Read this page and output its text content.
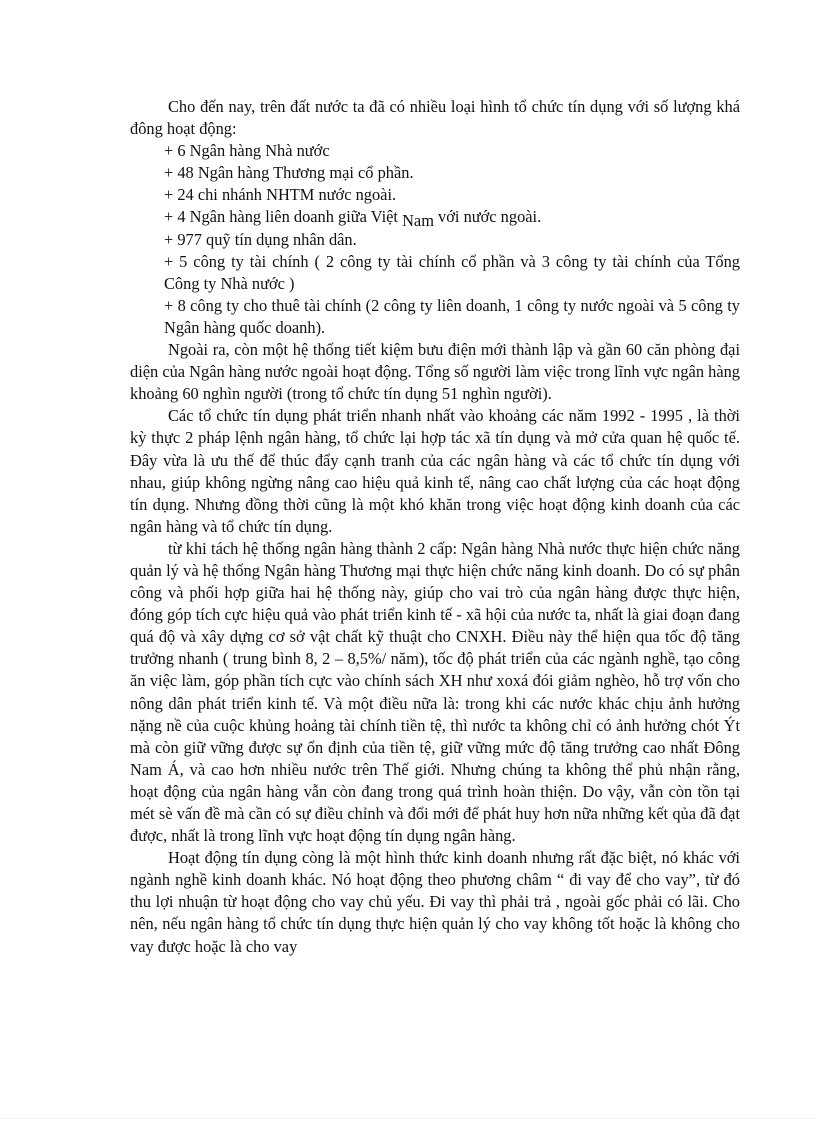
Cho đến nay, trên đất nước ta đã có nhiều loại hình tổ chức tín dụng với số lượng khá đông hoạt động:

+ 6 Ngân hàng Nhà nước

+ 48 Ngân hàng Thương mại cổ phần.

+ 24 chi nhánh NHTM nước ngoài.

+ 4 Ngân hàng liên doanh giữa Việt Nam với nước ngoài.

+ 977 quỹ tín dụng nhân dân.

+ 5 công ty tài chính ( 2 công ty tài chính cổ phần và 3 công ty tài chính của Tổng Công ty Nhà nước )

+ 8 công ty cho thuê tài chính (2 công ty liên doanh, 1 công ty nước ngoài và 5 công ty Ngân hàng quốc doanh).

Ngoài ra, còn một hệ thống tiết kiệm bưu điện mới thành lập và gần 60 căn phòng đại diện của Ngân hàng nước ngoài hoạt động. Tổng số người làm việc trong lĩnh vực ngân hàng khoảng 60 nghìn người (trong tổ chức tín dụng 51 nghìn người).

Các tổ chức tín dụng phát triển nhanh nhất vào khoảng các năm 1992 - 1995 , là thời kỳ thực 2 pháp lệnh ngân hàng, tổ chức lại hợp tác xã tín dụng và mở cửa quan hệ quốc tế. Đây vừa là ưu thế để thúc đẩy cạnh tranh của các ngân hàng và các tổ chức tín dụng với nhau, giúp không ngừng nâng cao hiệu quả kinh tế, nâng cao chất lượng của các hoạt động tín dụng. Nhưng đồng thời cũng là một khó khăn trong việc hoạt động kinh doanh của các ngân hàng và tổ chức tín dụng.

từ khi tách hệ thống ngân hàng thành 2 cấp: Ngân hàng Nhà nước thực hiện chức năng quản lý và hệ thống Ngân hàng Thương mại thực hiện chức năng kinh doanh. Do có sự phân công và phối hợp giữa hai hệ thống này, giúp cho vai trò của ngân hàng được thực hiện, đóng góp tích cực hiệu quả vào phát triển kinh tế - xã hội của nước ta, nhất là giai đoạn đang quá độ và xây dựng cơ sở vật chất kỹ thuật cho CNXH. Điều này thể hiện qua tốc độ tăng trưởng nhanh ( trung bình 8, 2 – 8,5%/ năm), tốc độ phát triển của các ngành nghề, tạo công ăn việc làm, góp phần tích cực vào chính sách XH như xoxá đói giảm nghèo, hỗ trợ vốn cho nông dân phát triển kinh tế. Và một điều nữa là: trong khi các nước khác chịu ảnh hưởng nặng nề của cuộc khủng hoảng tài chính tiền tệ, thì nước ta không chỉ có ảnh hưởng chót Ýt mà còn giữ vững được sự ổn định của tiền tệ, giữ vững mức độ tăng trưởng cao nhất Đông Nam Á, và cao hơn nhiều nước trên Thế giới. Nhưng chúng ta không thể phủ nhận rằng, hoạt động của ngân hàng vẫn còn đang trong quá trình hoàn thiện. Do vậy, vẫn còn tồn tại mét sè vấn đề mà cần có sự điều chỉnh và đổi mới để phát huy hơn nữa những kết qủa đã đạt được, nhất là trong lĩnh vực hoạt động tín dụng ngân hàng.

Hoạt động tín dụng còng là một hình thức kinh doanh nhưng rất đặc biệt, nó khác với ngành nghề kinh doanh khác. Nó hoạt động theo phương châm “ đi vay để cho vay”, từ đó thu lợi nhuận từ hoạt động cho vay chủ yếu. Đi vay thì phải trả , ngoài gốc phải có lãi. Cho nên, nếu ngân hàng tổ chức tín dụng thực hiện quản lý cho vay không tốt hoặc là không cho vay được hoặc là cho vay
